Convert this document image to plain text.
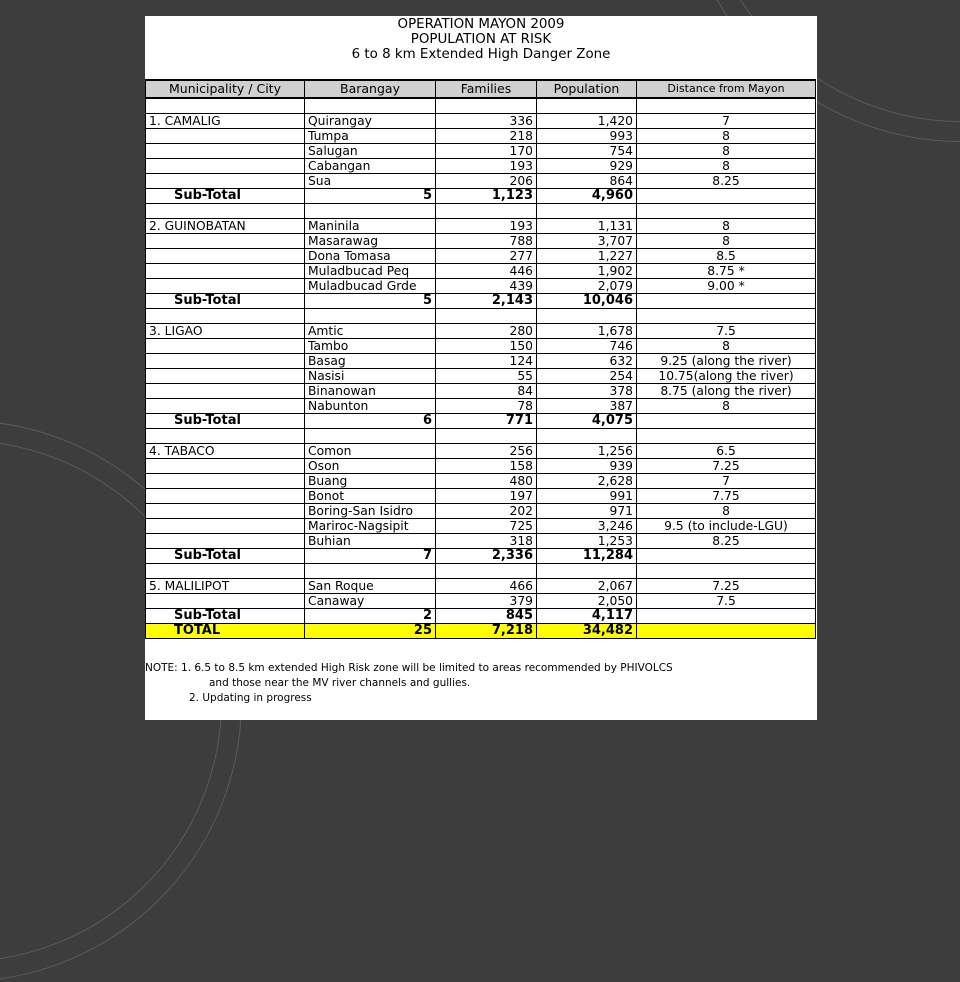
OPERATION MAYON 2009
POPULATION AT RISK
6 to 8 km Extended High Danger Zone
Municipality / City	Barangay	Families	Population	Distance from Mayon

1. CAMALIG	Quirangay	336	1,420	7
	Tumpa	218	993	8
	Salugan	170	754	8
	Cabangan	193	929	8
	Sua	206	864	8.25
Sub-Total	5	1,123	4,960	

2. GUINOBATAN	Maninila	193	1,131	8
	Masarawag	788	3,707	8
	Dona Tomasa	277	1,227	8.5
	Muladbucad Peq	446	1,902	8.75 *
	Muladbucad Grde	439	2,079	9.00 *
Sub-Total	5	2,143	10,046	

3. LIGAO	Amtic	280	1,678	7.5
	Tambo	150	746	8
	Basag	124	632	9.25 (along the river)
	Nasisi	55	254	10.75(along the river)
	Binanowan	84	378	8.75 (along the river)
	Nabunton	78	387	8
Sub-Total	6	771	4,075	

4. TABACO	Comon	256	1,256	6.5
	Oson	158	939	7.25
	Buang	480	2,628	7
	Bonot	197	991	7.75
	Boring-San Isidro	202	971	8
	Mariroc-Nagsipit	725	3,246	9.5 (to include-LGU)
	Buhian	318	1,253	8.25
Sub-Total	7	2,336	11,284	

5. MALILIPOT	San Roque	466	2,067	7.25
	Canaway	379	2,050	7.5
Sub-Total	2	845	4,117	
TOTAL	25	7,218	34,482	
NOTE: 1. 6.5 to 8.5 km extended High Risk zone will be limited to areas recommended by PHIVOLCS
and those near the MV river channels and gullies.
2. Updating in progress
